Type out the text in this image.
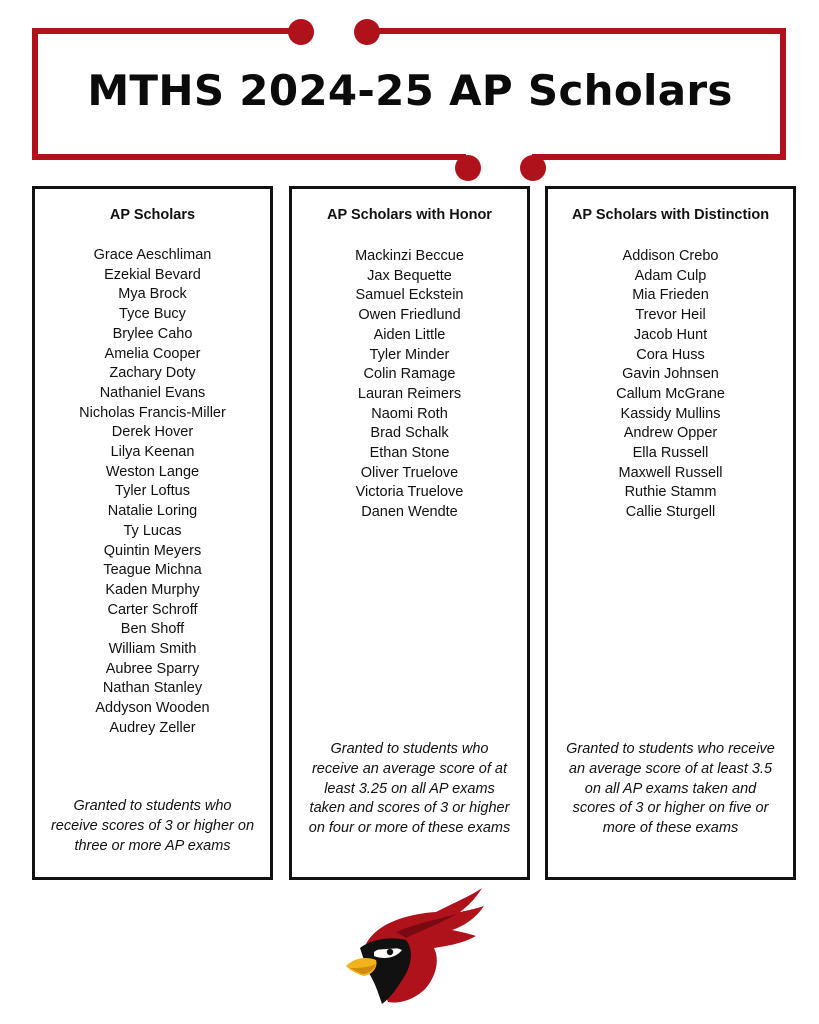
MTHS 2024-25 AP Scholars
AP Scholars
Grace Aeschliman
Ezekial Bevard
Mya Brock
Tyce Bucy
Brylee Caho
Amelia Cooper
Zachary Doty
Nathaniel Evans
Nicholas Francis-Miller
Derek Hover
Lilya Keenan
Weston Lange
Tyler Loftus
Natalie Loring
Ty Lucas
Quintin Meyers
Teague Michna
Kaden Murphy
Carter Schroff
Ben Shoff
William Smith
Aubree Sparry
Nathan Stanley
Addyson Wooden
Audrey Zeller

Granted to students who receive scores of 3 or higher on three or more AP exams

AP Scholars with Honor
Mackinzi Beccue
Jax Bequette
Samuel Eckstein
Owen Friedlund
Aiden Little
Tyler Minder
Colin Ramage
Lauran Reimers
Naomi Roth
Brad Schalk
Ethan Stone
Oliver Truelove
Victoria Truelove
Danen Wendte

Granted to students who receive an average score of at least 3.25 on all AP exams taken and scores of 3 or higher on four or more of these exams

AP Scholars with Distinction
Addison Crebo
Adam Culp
Mia Frieden
Trevor Heil
Jacob Hunt
Cora Huss
Gavin Johnsen
Callum McGrane
Kassidy Mullins
Andrew Opper
Ella Russell
Maxwell Russell
Ruthie Stamm
Callie Sturgell

Granted to students who receive an average score of at least 3.5 on all AP exams taken and scores of 3 or higher on five or more of these exams
